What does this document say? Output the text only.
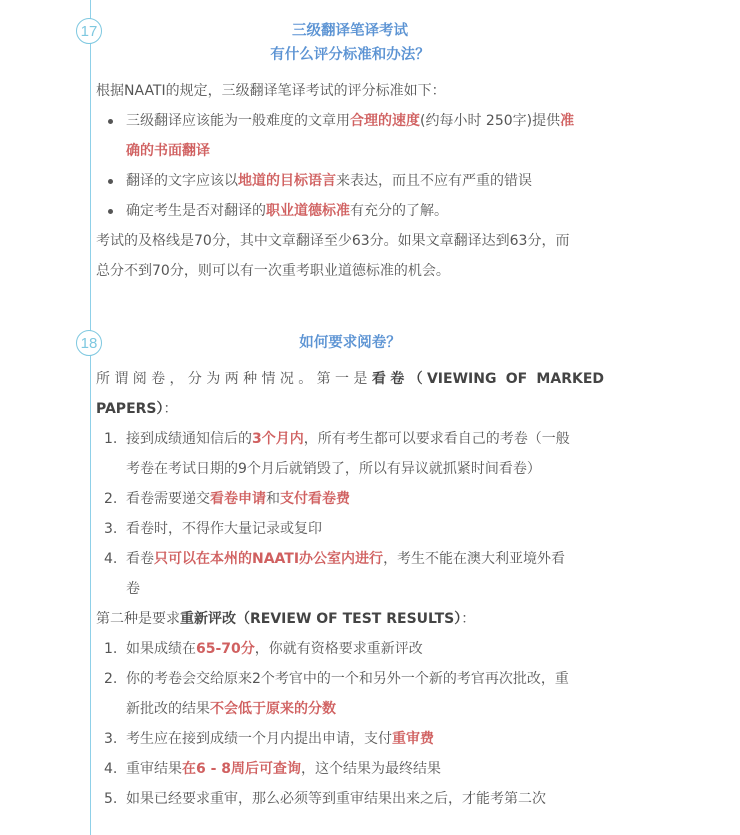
17	三级翻译笔译考试
有什么评分标准和办法？
根据NAATI的规定，三级翻译笔译考试的评分标准如下：
三级翻译应该能为一般难度的文章用合理的速度(约每小时 250字)提供准
确的书面翻译
翻译的文字应该以地道的目标语言来表达，而且不应有严重的错误
确定考生是否对翻译的职业道德标准有充分的了解。
考试的及格线是70分，其中文章翻译至少63分。如果文章翻译达到63分，而
总分不到70分，则可以有一次重考职业道德标准的机会。
18	如何要求阅卷？
所谓阅卷，分为两种情况。第一是看卷（VIEWING OF MARKED
PAPERS）：
1. 接到成绩通知信后的3个月内，所有考生都可以要求看自己的考卷（一般
考卷在考试日期的9个月后就销毁了，所以有异议就抓紧时间看卷）
2. 看卷需要递交看卷申请和支付看卷费
3. 看卷时，不得作大量记录或复印
4. 看卷只可以在本州的NAATI办公室内进行，考生不能在澳大利亚境外看
卷
第二种是要求重新评改（REVIEW OF TEST RESULTS）：
1. 如果成绩在65-70分，你就有资格要求重新评改
2. 你的考卷会交给原来2个考官中的一个和另外一个新的考官再次批改，重
新批改的结果不会低于原来的分数
3. 考生应在接到成绩一个月内提出申请，支付重审费
4. 重审结果在6 - 8周后可查询，这个结果为最终结果
5. 如果已经要求重审，那么必须等到重审结果出来之后，才能考第二次
